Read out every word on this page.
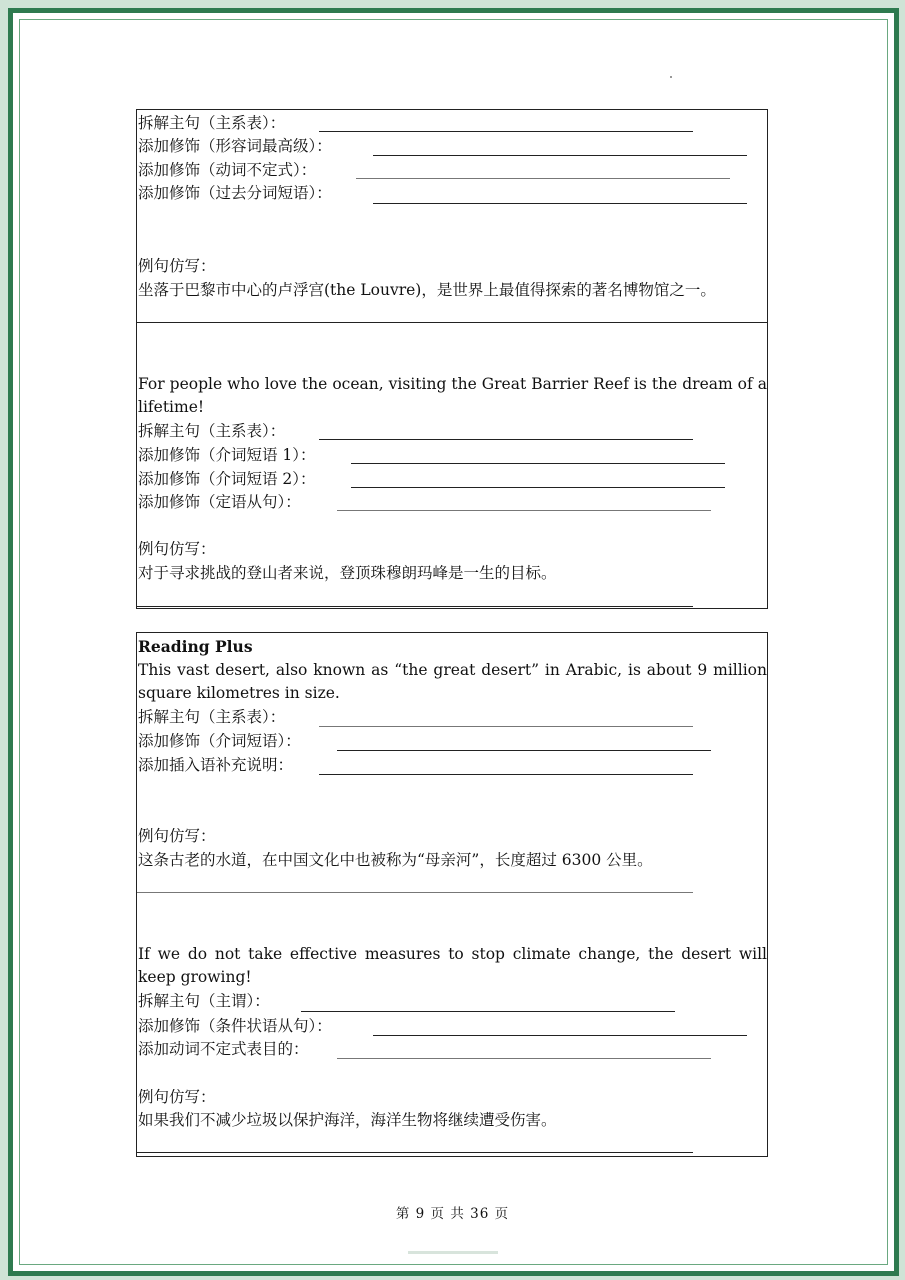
拆解主句（主系表）：
添加修饰（形容词最高级）：
添加修饰（动词不定式）：
添加修饰（过去分词短语）：
例句仿写：
坐落于巴黎市中心的卢浮宫(the Louvre)，是世界上最值得探索的著名博物馆之一。
For people who love the ocean, visiting the Great Barrier Reef is the dream of a lifetime!
拆解主句（主系表）：
添加修饰（介词短语 1）：
添加修饰（介词短语 2）：
添加修饰（定语从句）：
例句仿写：
对于寻求挑战的登山者来说，登顶珠穆朗玛峰是一生的目标。
Reading Plus
This vast desert, also known as “the great desert” in Arabic, is about 9 million square kilometres in size.
拆解主句（主系表）：
添加修饰（介词短语）：
添加插入语补充说明：
例句仿写：
这条古老的水道，在中国文化中也被称为“母亲河”，长度超过 6300 公里。
If we do not take effective measures to stop climate change, the desert will keep growing!
拆解主句（主谓）：
添加修饰（条件状语从句）：
添加动词不定式表目的：
例句仿写：
如果我们不减少垃圾以保护海洋，海洋生物将继续遭受伤害。
第 9 页 共 36 页
